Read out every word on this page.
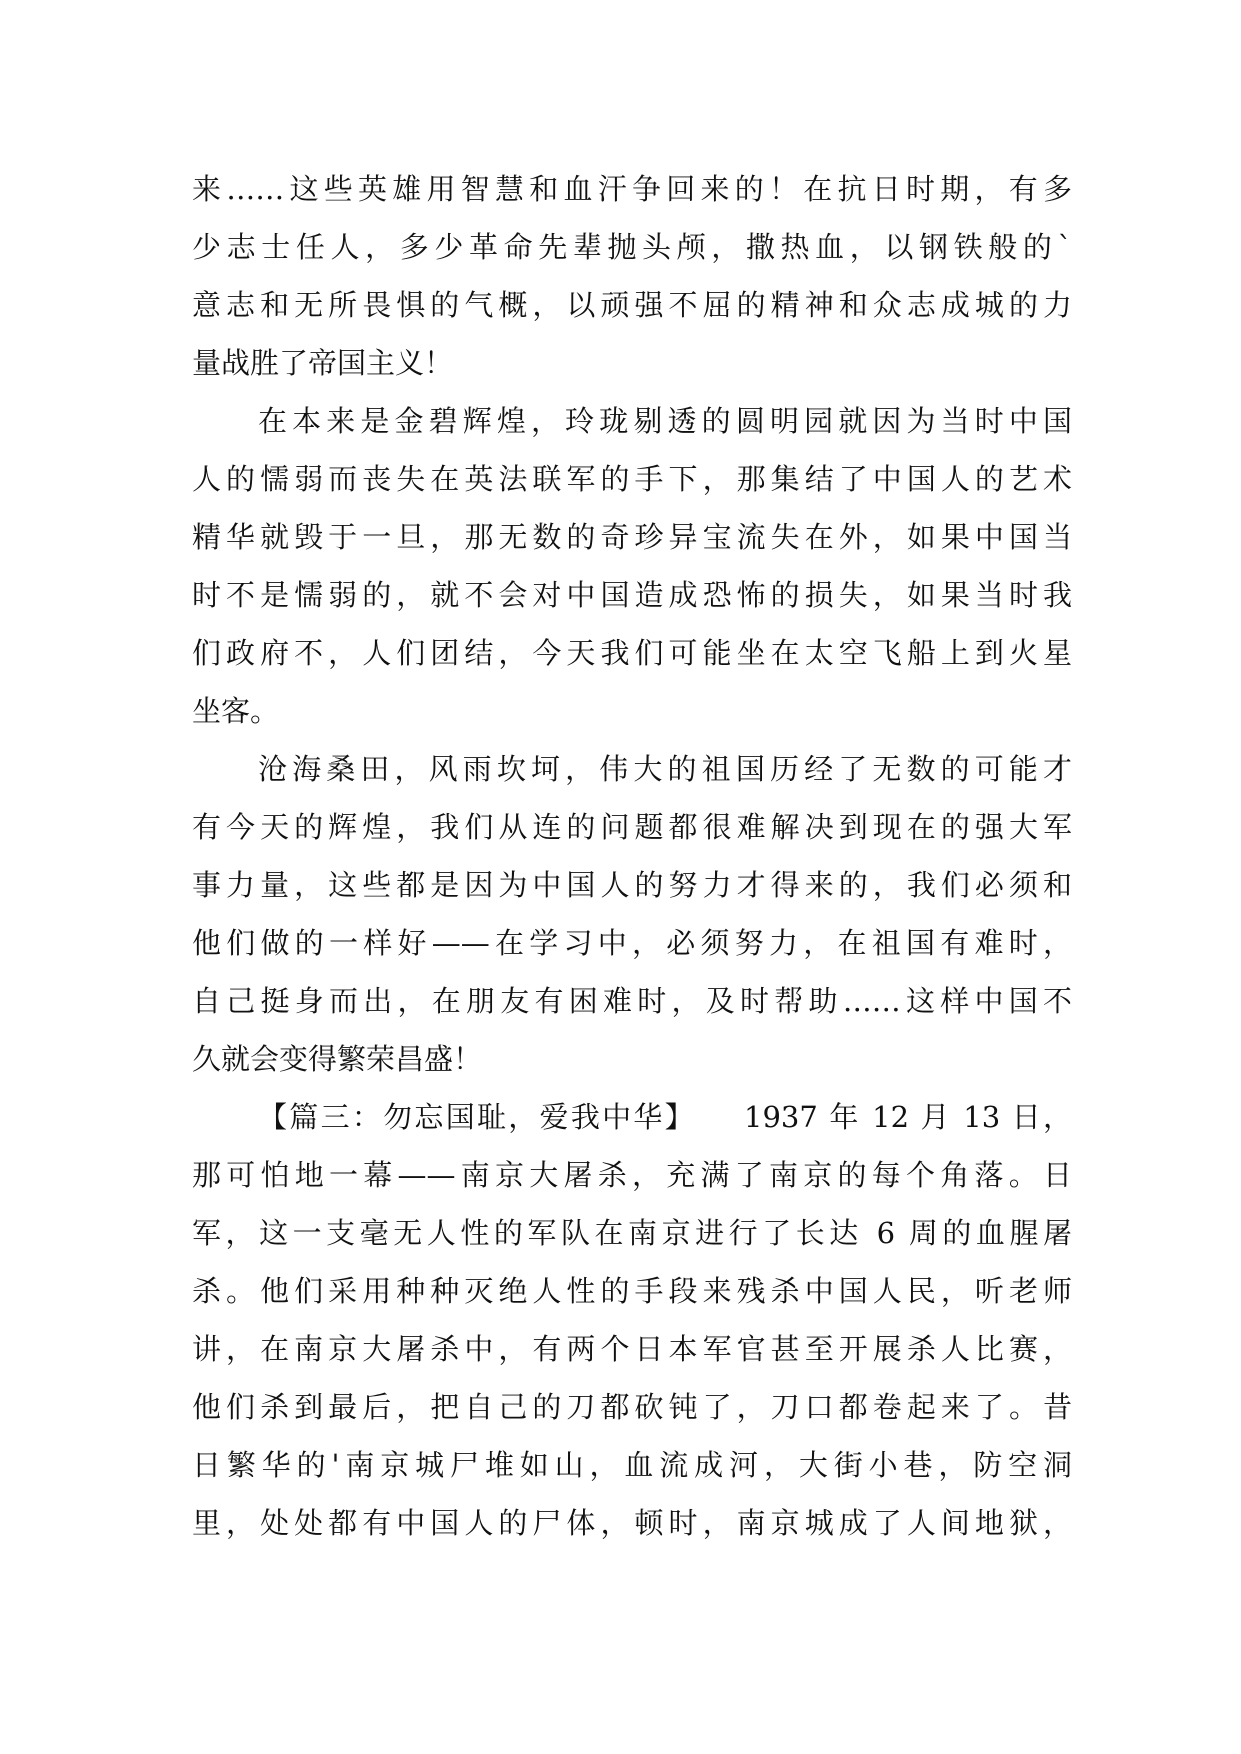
来……这些英雄用智慧和血汗争回来的！在抗日时期，有多
少志士任人，多少革命先辈抛头颅，撒热血，以钢铁般的`
意志和无所畏惧的气概，以顽强不屈的精神和众志成城的力
量战胜了帝国主义！
在本来是金碧辉煌，玲珑剔透的圆明园就因为当时中国
人的懦弱而丧失在英法联军的手下，那集结了中国人的艺术
精华就毁于一旦，那无数的奇珍异宝流失在外，如果中国当
时不是懦弱的，就不会对中国造成恐怖的损失，如果当时我
们政府不，人们团结，今天我们可能坐在太空飞船上到火星
坐客。
沧海桑田，风雨坎坷，伟大的祖国历经了无数的可能才
有今天的辉煌，我们从连的问题都很难解决到现在的强大军
事力量，这些都是因为中国人的努力才得来的，我们必须和
他们做的一样好——在学习中，必须努力，在祖国有难时，
自己挺身而出，在朋友有困难时，及时帮助……这样中国不
久就会变得繁荣昌盛！
【篇三：勿忘国耻，爱我中华】　　1937 年 12 月 13 日，
那可怕地一幕——南京大屠杀，充满了南京的每个角落。日
军，这一支毫无人性的军队在南京进行了长达 6 周的血腥屠
杀。他们采用种种灭绝人性的手段来残杀中国人民，听老师
讲，在南京大屠杀中，有两个日本军官甚至开展杀人比赛，
他们杀到最后，把自己的刀都砍钝了，刀口都卷起来了。昔
日繁华的'南京城尸堆如山，血流成河，大街小巷，防空洞
里，处处都有中国人的尸体，顿时，南京城成了人间地狱，
